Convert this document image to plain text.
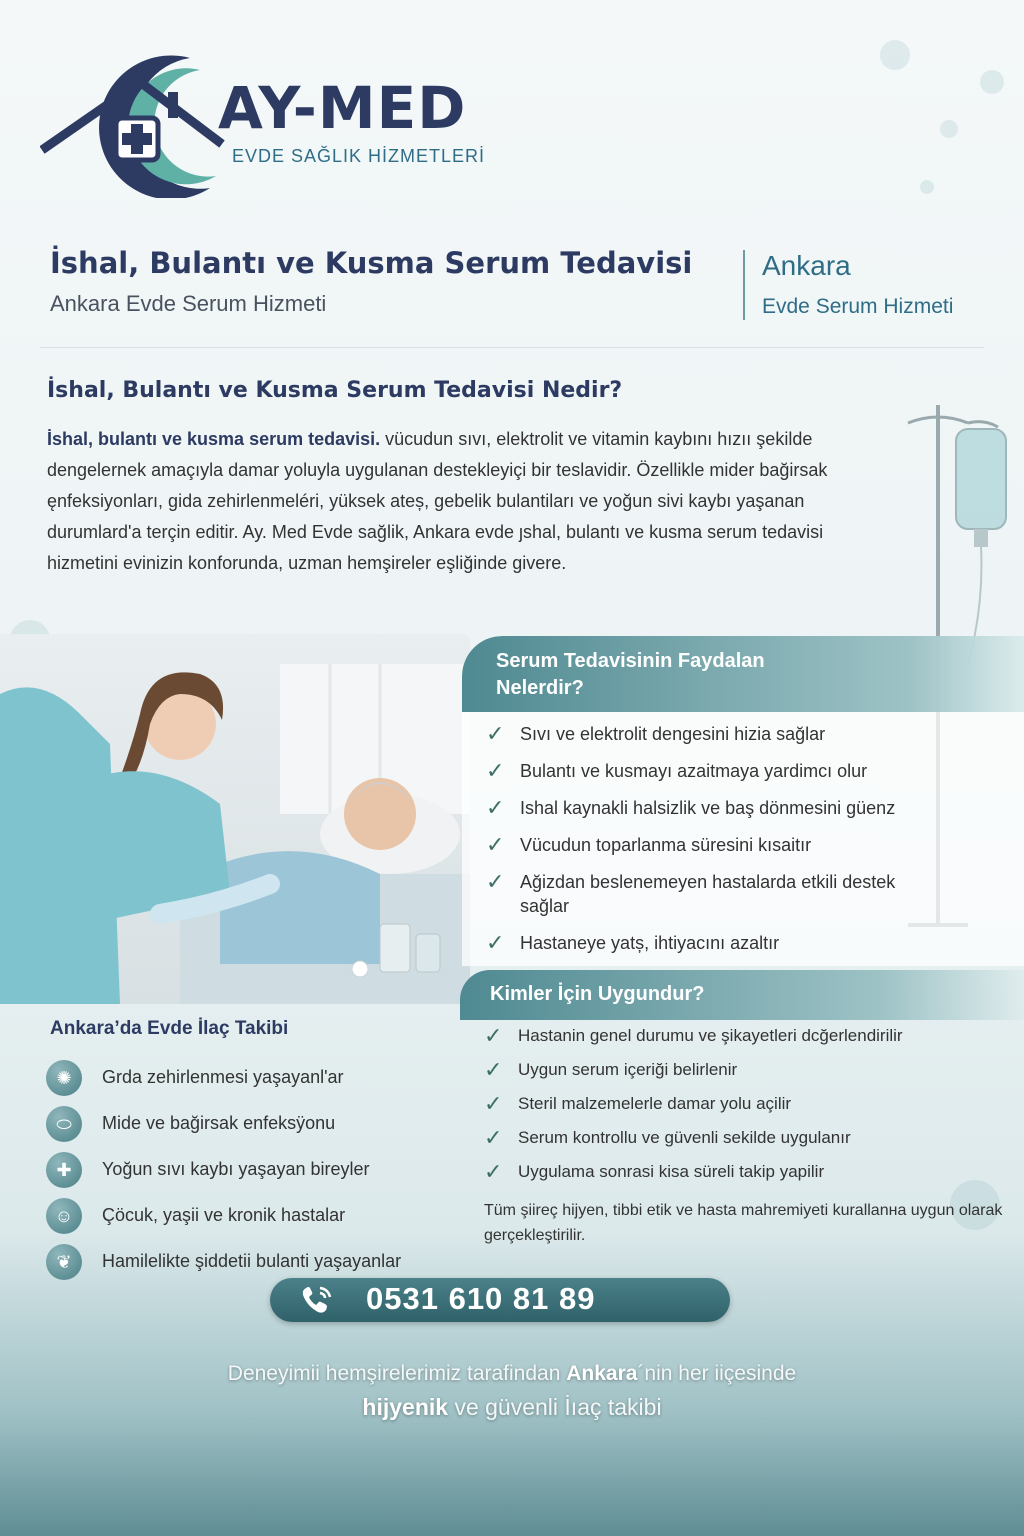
AY-MED
EVDE SAĞLIK HİZMETLERİ
İshal, Bulantı ve Kusma Serum Tedavisi
Ankara Evde Serum Hizmeti
Ankara
Evde Serum Hizmeti
İshal, Bulantı ve Kusma Serum Tedavisi Nedir?
İshal, bulantı ve kusma serum tedavisi. vücudun sıvı, elektrolit ve vitamin kaybını hızıı şekilde dengelernek amaçıyla damar yoluyla uygulanan destekleyiçi bir teslavidir. Özellikle mider bağirsak ęnfeksiyonları, gida zehirlenmeléri, yüksek ateș, gebelik bulantiları ve yoğun sivi kaybı yaşanan durumlard'a terçin editir. Ay. Med Evde sağlik, Ankara evde ȷshal, bulantı ve kusma serum tedavisi hizmetini evinizin konforunda, uzman hemşireler eşliğinde givere.
Serum Tedavisinin Faydalan Nelerdir?
✓ Sıvı ve elektrolit dengesini hizia sağlar
✓ Bulantı ve kusmayı azaitmaya yardimcı olur
✓ Ishal kaynakli halsizlik ve baş dönmesini güenz
✓ Vücudun toparlanma süresini kısaitır
✓ Ağizdan beslenemeyen hastalarda etkili destek sağlar
✓ Hastaneye yatș, ihtiyacını azaltır
Kimler İçin Uygundur?
✓ Hastanin genel durumu ve şikayetleri dcğerlendirilir
✓ Uygun serum içeriği belirlenir
✓ Steril malzemelerle damar yolu açilir
✓ Serum kontrollu ve güvenli sekilde uygulanır
✓ Uygulama sonrasi kisa süreli takip yapilir
Tüm şiireç hijyen, tibbi etik ve hasta mahremiyeti kurallanна uygun olarak gerçekleştirilir.
Ankara’da Evde İlaç Takibi
✺	Grda zehirlenmesi yaşayanl'ar
⬭	Mide ve bağirsak enfeksÿonu
✚	Yoğun sıvı kaybı yaşayan bireyler
☺	Çöcuk, yaşii ve kronik hastalar
❦	Hamilelikte şiddetii bulanti yaşayanlar
0531 610 81 89
Deneyimii hemşirelerimiz tarafindan Ankara´nin her iiçesinde
hijyenik ve güvenli İıaç takibi
